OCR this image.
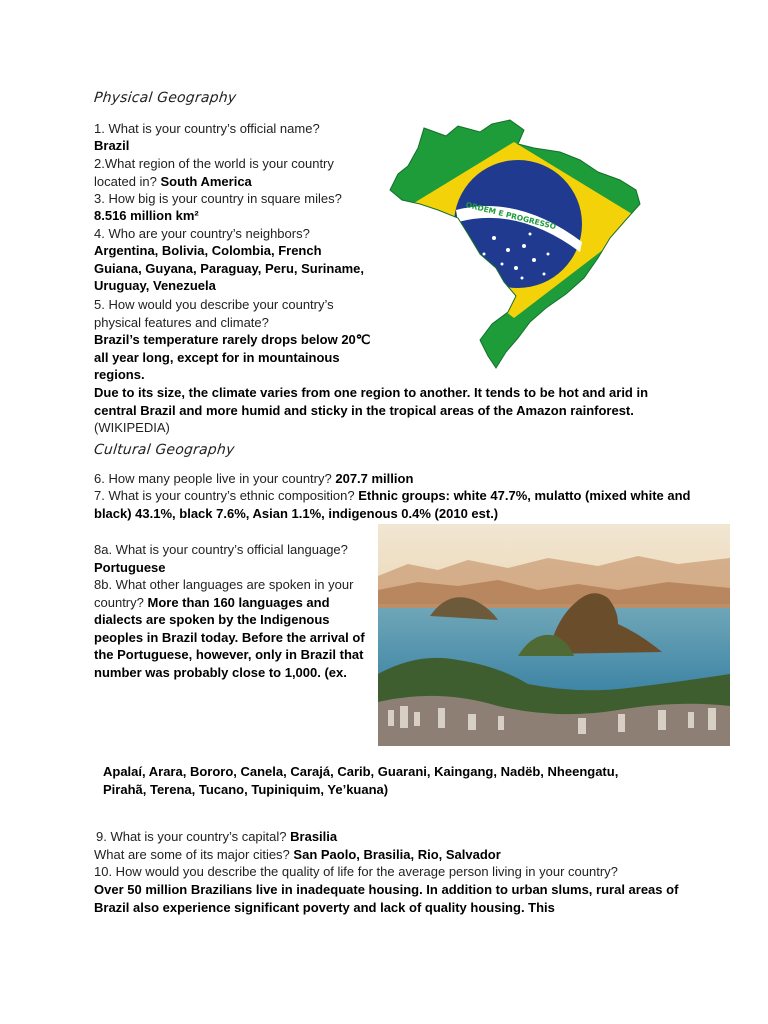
Physical Geography

1. What is your country’s official name?

Brazil

2.What region of the world is your country located in? South America

3. How big is your country in square miles?

8.516 million km²

4. Who are your country’s neighbors?

Argentina, Bolivia, Colombia, French Guiana, Guyana, Paraguay, Peru, Suriname, Uruguay, Venezuela

5. How would you describe your country’s physical features and climate?

Brazil’s temperature rarely drops below 20℃ all year long, except for in mountainous regions.

Due to its size, the climate varies from one region to another. It tends to be hot and arid in central Brazil and more humid and sticky in the tropical areas of the Amazon rainforest. (WIKIPEDIA)

ORDEM E PROGRESSO
Cultural Geography

6. How many people live in your country? 207.7 million

7. What is your country’s ethnic composition? Ethnic groups: white 47.7%, mulatto (mixed white and black) 43.1%, black 7.6%, Asian 1.1%, indigenous 0.4% (2010 est.)

8a. What is your country’s official language? Portuguese

8b. What other languages are spoken in your country? More than 160 languages and dialects are spoken by the Indigenous peoples in Brazil today. Before the arrival of the Portuguese, however, only in Brazil that number was probably close to 1,000. (ex.

Apalaí, Arara, Bororo, Canela, Carajá, Carib, Guarani, Kaingang, Nadëb, Nheengatu, Pirahã, Terena, Tucano, Tupiniquim, Ye’kuana)

9. What is your country’s capital? Brasilia

What are some of its major cities? San Paolo, Brasilia, Rio, Salvador

10. How would you describe the quality of life for the average person living in your country?

Over 50 million Brazilians live in inadequate housing. In addition to urban slums, rural areas of Brazil also experience significant poverty and lack of quality housing. This
